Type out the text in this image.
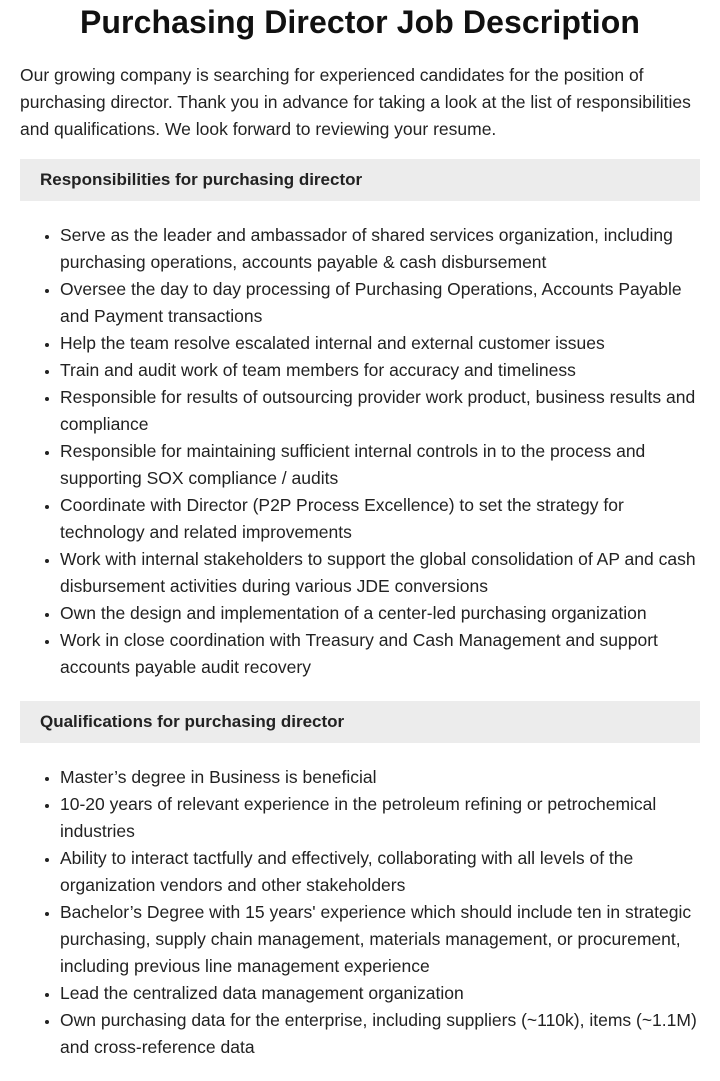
Purchasing Director Job Description

Our growing company is searching for experienced candidates for the position of purchasing director. Thank you in advance for taking a look at the list of responsibilities and qualifications. We look forward to reviewing your resume.

Responsibilities for purchasing director
• Serve as the leader and ambassador of shared services organization, including purchasing operations, accounts payable & cash disbursement
• Oversee the day to day processing of Purchasing Operations, Accounts Payable and Payment transactions
• Help the team resolve escalated internal and external customer issues
• Train and audit work of team members for accuracy and timeliness
• Responsible for results of outsourcing provider work product, business results and compliance
• Responsible for maintaining sufficient internal controls in to the process and supporting SOX compliance / audits
• Coordinate with Director (P2P Process Excellence) to set the strategy for technology and related improvements
• Work with internal stakeholders to support the global consolidation of AP and cash disbursement activities during various JDE conversions
• Own the design and implementation of a center-led purchasing organization
• Work in close coordination with Treasury and Cash Management and support accounts payable audit recovery
Qualifications for purchasing director
• Master’s degree in Business is beneficial
• 10-20 years of relevant experience in the petroleum refining or petrochemical industries
• Ability to interact tactfully and effectively, collaborating with all levels of the organization vendors and other stakeholders
• Bachelor’s Degree with 15 years' experience which should include ten in strategic purchasing, supply chain management, materials management, or procurement, including previous line management experience
• Lead the centralized data management organization
• Own purchasing data for the enterprise, including suppliers (~110k), items (~1.1M) and cross-reference data
